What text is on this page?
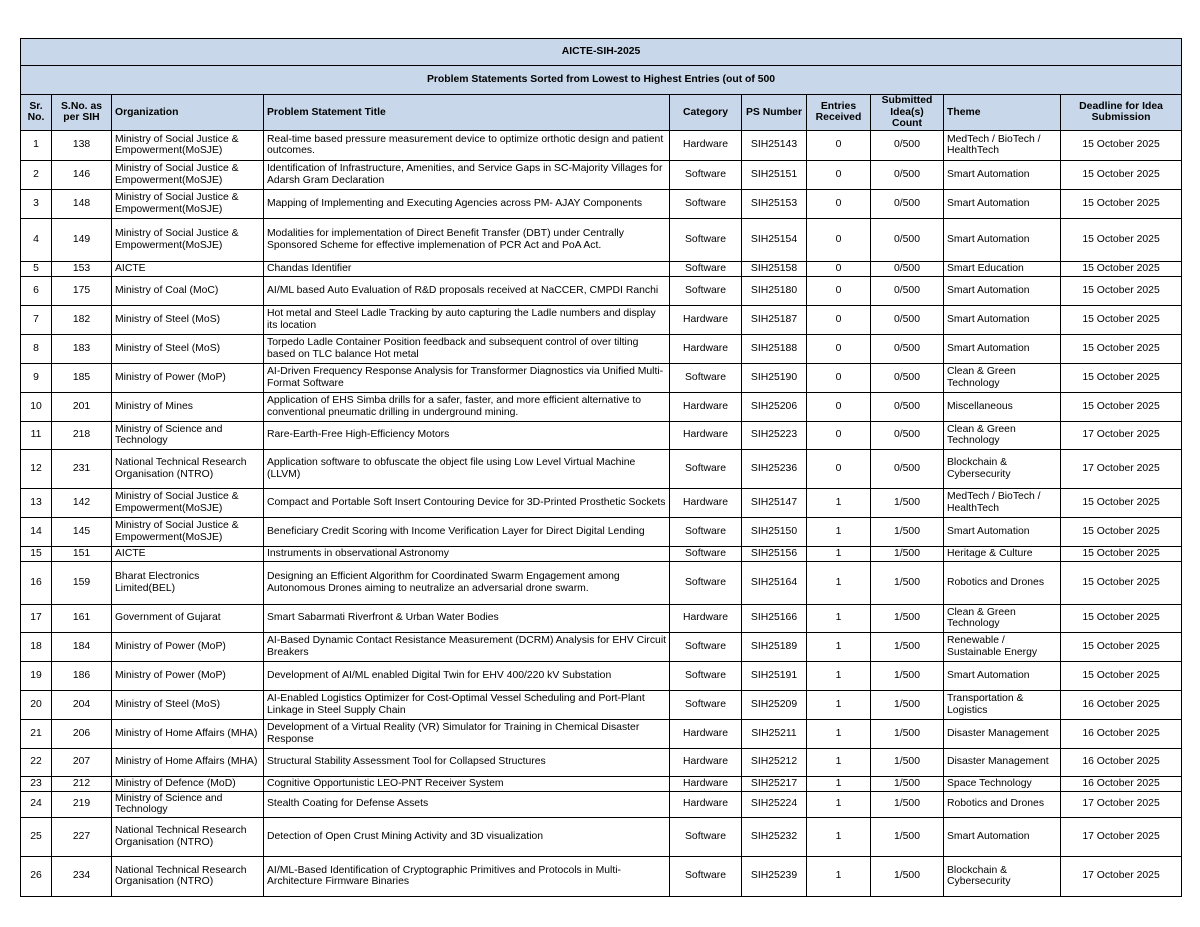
AICTE-SIH-2025									
Problem Statements Sorted from Lowest to Highest Entries (out of 500									
Sr. No.	S.No. as per SIH	Organization	Problem Statement Title	Category	PS Number	Entries Received	Submitted Idea(s) Count	Theme	Deadline for Idea Submission
1	138	Ministry of Social Justice & Empowerment(MoSJE)	Real-time based pressure measurement device to optimize orthotic design and patient outcomes.	Hardware	SIH25143	0	0/500	MedTech / BioTech / HealthTech	15 October 2025
2	146	Ministry of Social Justice & Empowerment(MoSJE)	Identification of Infrastructure, Amenities, and Service Gaps in SC-Majority Villages for Adarsh Gram Declaration	Software	SIH25151	0	0/500	Smart Automation	15 October 2025
3	148	Ministry of Social Justice & Empowerment(MoSJE)	Mapping of Implementing and Executing Agencies across PM- AJAY Components	Software	SIH25153	0	0/500	Smart Automation	15 October 2025
4	149	Ministry of Social Justice & Empowerment(MoSJE)	Modalities for implementation of Direct Benefit Transfer (DBT) under Centrally Sponsored Scheme for effective implemenation of PCR Act and PoA Act.	Software	SIH25154	0	0/500	Smart Automation	15 October 2025
5	153	AICTE	Chandas Identifier	Software	SIH25158	0	0/500	Smart Education	15 October 2025
6	175	Ministry of Coal (MoC)	AI/ML based Auto Evaluation of R&D proposals received at NaCCER, CMPDI Ranchi	Software	SIH25180	0	0/500	Smart Automation	15 October 2025
7	182	Ministry of Steel (MoS)	Hot metal and Steel Ladle Tracking by auto capturing the Ladle numbers and display its location	Hardware	SIH25187	0	0/500	Smart Automation	15 October 2025
8	183	Ministry of Steel (MoS)	Torpedo Ladle Container Position feedback and subsequent control of over tilting based on TLC balance Hot metal	Hardware	SIH25188	0	0/500	Smart Automation	15 October 2025
9	185	Ministry of Power (MoP)	AI-Driven Frequency Response Analysis for Transformer Diagnostics via Unified Multi-Format Software	Software	SIH25190	0	0/500	Clean & Green Technology	15 October 2025
10	201	Ministry of Mines	Application of EHS Simba drills for a safer, faster, and more efficient alternative to conventional pneumatic drilling in underground mining.	Hardware	SIH25206	0	0/500	Miscellaneous	15 October 2025
11	218	Ministry of Science and Technology	Rare-Earth-Free High-Efficiency Motors	Hardware	SIH25223	0	0/500	Clean & Green Technology	17 October 2025
12	231	National Technical Research Organisation (NTRO)	Application software to obfuscate the object file using Low Level Virtual Machine (LLVM)	Software	SIH25236	0	0/500	Blockchain & Cybersecurity	17 October 2025
13	142	Ministry of Social Justice & Empowerment(MoSJE)	Compact and Portable Soft Insert Contouring Device for 3D-Printed Prosthetic Sockets	Hardware	SIH25147	1	1/500	MedTech / BioTech / HealthTech	15 October 2025
14	145	Ministry of Social Justice & Empowerment(MoSJE)	Beneficiary Credit Scoring with Income Verification Layer for Direct Digital Lending	Software	SIH25150	1	1/500	Smart Automation	15 October 2025
15	151	AICTE	Instruments in observational Astronomy	Software	SIH25156	1	1/500	Heritage & Culture	15 October 2025
16	159	Bharat Electronics Limited(BEL)	Designing an Efficient Algorithm for Coordinated Swarm Engagement among Autonomous Drones aiming to neutralize an adversarial drone swarm.	Software	SIH25164	1	1/500	Robotics and Drones	15 October 2025
17	161	Government of Gujarat	Smart Sabarmati Riverfront & Urban Water Bodies	Hardware	SIH25166	1	1/500	Clean & Green Technology	15 October 2025
18	184	Ministry of Power (MoP)	AI-Based Dynamic Contact Resistance Measurement (DCRM) Analysis for EHV Circuit Breakers	Software	SIH25189	1	1/500	Renewable / Sustainable Energy	15 October 2025
19	186	Ministry of Power (MoP)	Development of AI/ML enabled Digital Twin for EHV 400/220 kV Substation	Software	SIH25191	1	1/500	Smart Automation	15 October 2025
20	204	Ministry of Steel (MoS)	AI-Enabled Logistics Optimizer for Cost-Optimal Vessel Scheduling and Port-Plant Linkage in Steel Supply Chain	Software	SIH25209	1	1/500	Transportation & Logistics	16 October 2025
21	206	Ministry of Home Affairs (MHA)	Development of a Virtual Reality (VR) Simulator for Training in Chemical Disaster Response	Hardware	SIH25211	1	1/500	Disaster Management	16 October 2025
22	207	Ministry of Home Affairs (MHA)	Structural Stability Assessment Tool for Collapsed Structures	Hardware	SIH25212	1	1/500	Disaster Management	16 October 2025
23	212	Ministry of Defence (MoD)	Cognitive Opportunistic LEO-PNT Receiver System	Hardware	SIH25217	1	1/500	Space Technology	16 October 2025
24	219	Ministry of Science and Technology	Stealth Coating for Defense Assets	Hardware	SIH25224	1	1/500	Robotics and Drones	17 October 2025
25	227	National Technical Research Organisation (NTRO)	Detection of Open Crust Mining Activity and 3D visualization	Software	SIH25232	1	1/500	Smart Automation	17 October 2025
26	234	National Technical Research Organisation (NTRO)	AI/ML-Based Identification of Cryptographic Primitives and Protocols in Multi-Architecture Firmware Binaries	Software	SIH25239	1	1/500	Blockchain & Cybersecurity	17 October 2025
